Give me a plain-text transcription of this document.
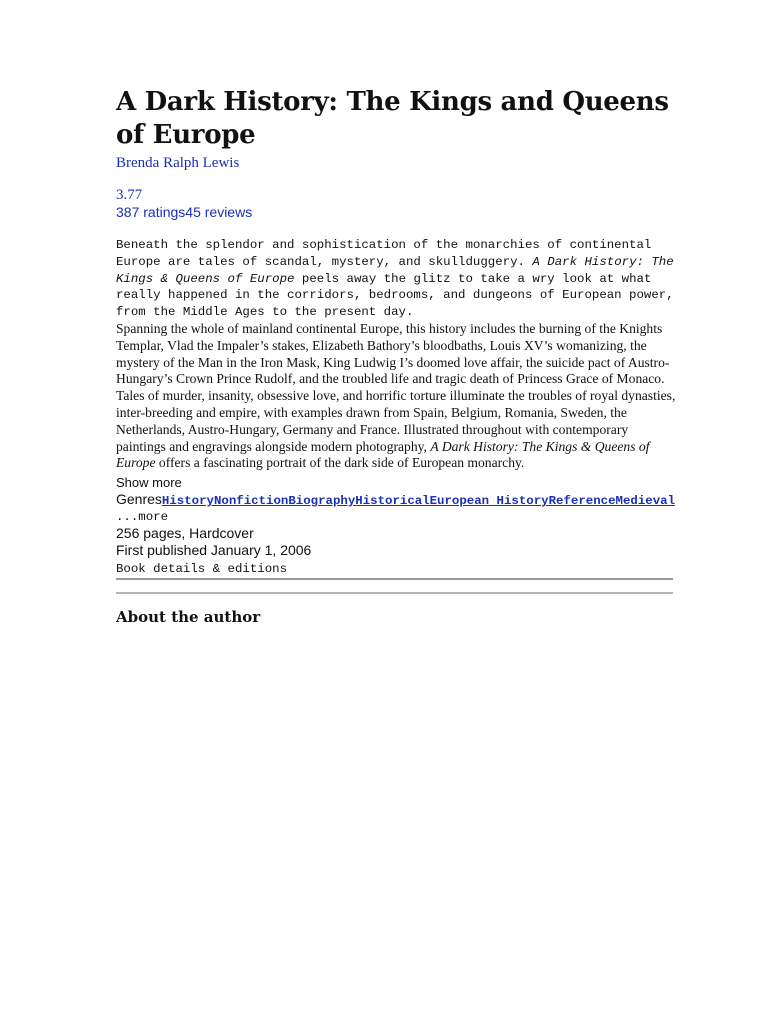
A Dark History: The Kings and Queens of Europe
Brenda Ralph Lewis
3.77
387 ratings45 reviews
Beneath the splendor and sophistication of the monarchies of continental Europe are tales of scandal, mystery, and skullduggery. A Dark History: The Kings & Queens of Europe peels away the glitz to take a wry look at what really happened in the corridors, bedrooms, and dungeons of European power, from the Middle Ages to the present day.
Spanning the whole of mainland continental Europe, this history includes the burning of the Knights Templar, Vlad the Impaler’s stakes, Elizabeth Bathory’s bloodbaths, Louis XV’s womanizing, the mystery of the Man in the Iron Mask, King Ludwig I’s doomed love affair, the suicide pact of Austro-Hungary’s Crown Prince Rudolf, and the troubled life and tragic death of Princess Grace of Monaco.
Tales of murder, insanity, obsessive love, and horrific torture illuminate the troubles of royal dynasties, inter-breeding and empire, with examples drawn from Spain, Belgium, Romania, Sweden, the Netherlands, Austro-Hungary, Germany and France. Illustrated throughout with contemporary paintings and engravings alongside modern photography, A Dark History: The Kings & Queens of Europe offers a fascinating portrait of the dark side of European monarchy.
Show more
GenresHistoryNonfictionBiographyHistoricalEuropean HistoryReferenceMedieval
...more
256 pages, Hardcover
First published January 1, 2006
Book details & editions
About the author
